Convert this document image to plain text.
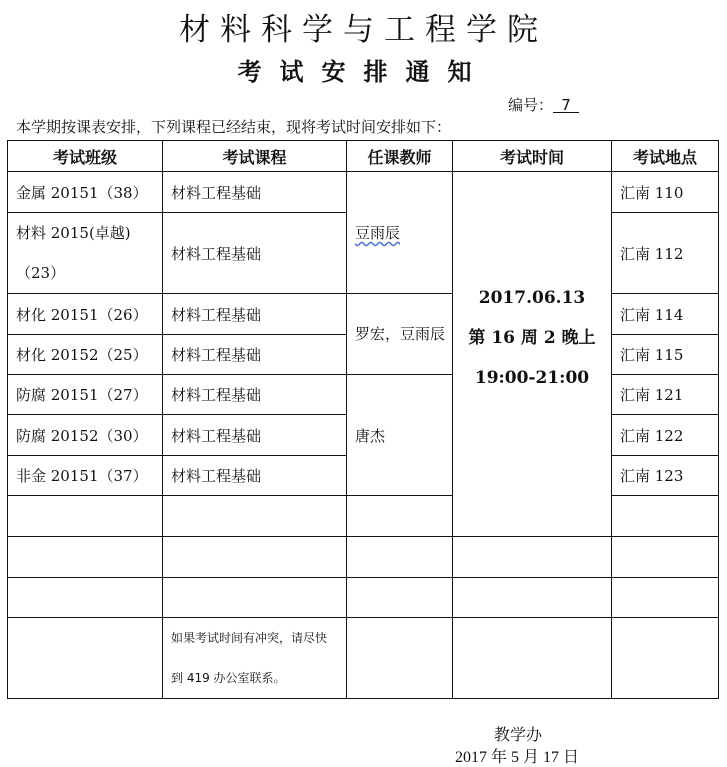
材料科学与工程学院
考试安排通知
编号： 7
本学期按课表安排，下列课程已经结束，现将考试时间安排如下：
考试班级	考试课程	任课教师	考试时间	考试地点
金属 20151（38）	材料工程基础	豆雨辰	2017.06.13
第 16 周 2 晚上
19:00-21:00	汇南 110
材料 2015(卓越)（23）	材料工程基础			汇南 112
材化 20151（26）	材料工程基础	罗宏，豆雨辰		汇南 114
材化 20152（25）	材料工程基础			汇南 115
防腐 20151（27）	材料工程基础	唐杰		汇南 121
防腐 20152（30）	材料工程基础			汇南 122
非金 20151（37）	材料工程基础			汇南 123

	如果考试时间有冲突，请尽快
到 419 办公室联系。			

教学办
2017 年 5 月 17 日
